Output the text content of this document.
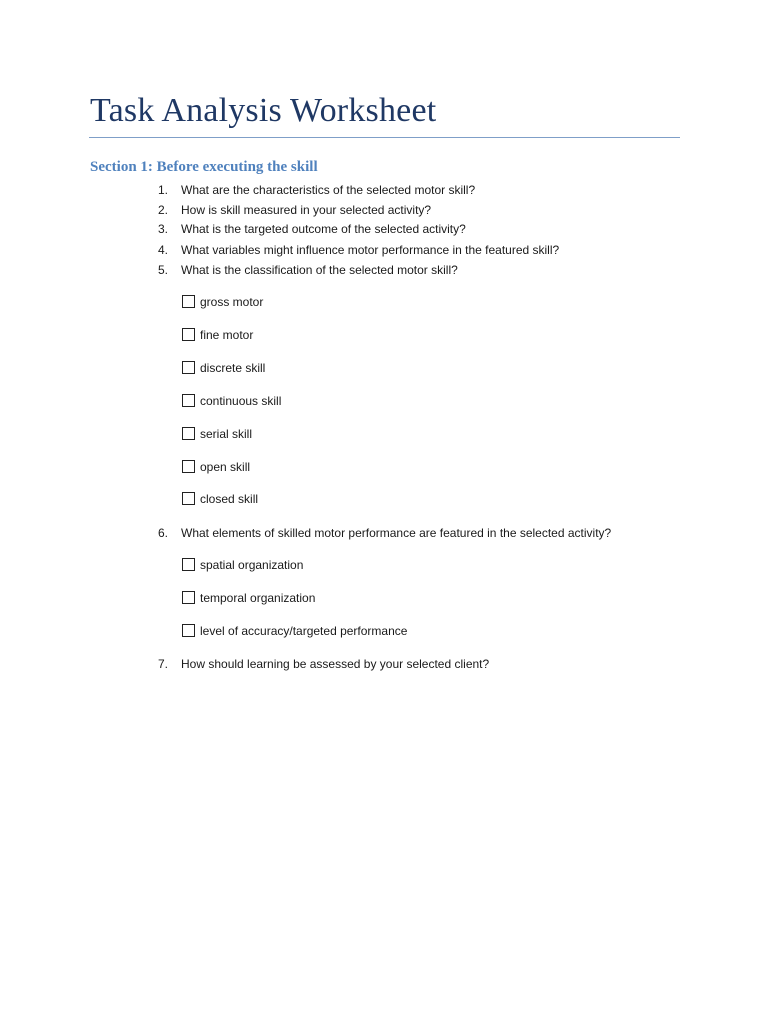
Task Analysis Worksheet
Section 1: Before executing the skill
1. What are the characteristics of the selected motor skill?
2. How is skill measured in your selected activity?
3. What is the targeted outcome of the selected activity?
4. What variables might influence motor performance in the featured skill?
5. What is the classification of the selected motor skill?
gross motor
fine motor
discrete skill
continuous skill
serial skill
open skill
closed skill
6. What elements of skilled motor performance are featured in the selected activity?
spatial organization
temporal organization
level of accuracy/targeted performance
7. How should learning be assessed by your selected client?
